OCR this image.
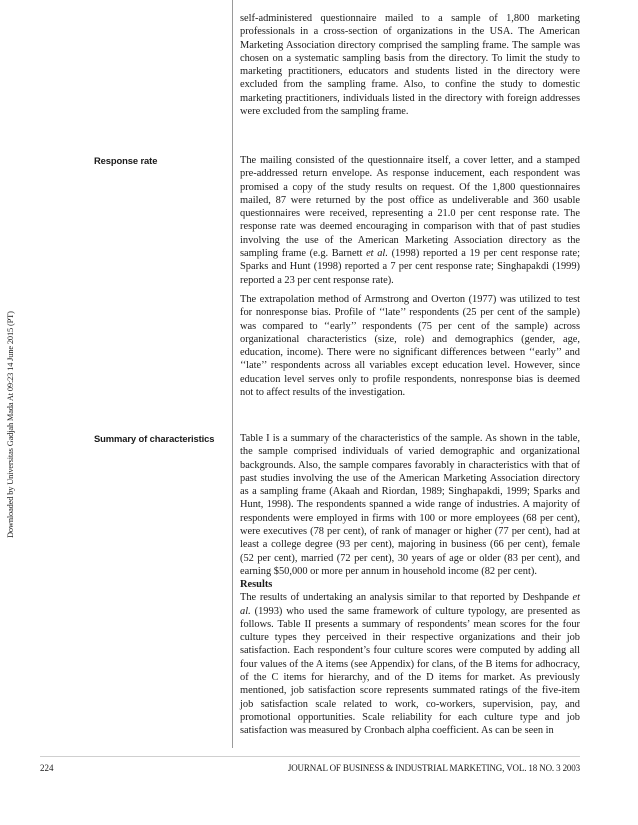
Downloaded by Universitas Gadjah Mada At 09:23 14 June 2015 (PT)

self-administered questionnaire mailed to a sample of 1,800 marketing professionals in a cross-section of organizations in the USA. The American Marketing Association directory comprised the sampling frame. The sample was chosen on a systematic sampling basis from the directory. To limit the study to marketing practitioners, educators and students listed in the directory were excluded from the sampling frame. Also, to confine the study to domestic marketing practitioners, individuals listed in the directory with foreign addresses were excluded from the sampling frame.

Response rate	The mailing consisted of the questionnaire itself, a cover letter, and a stamped pre-addressed return envelope. As response inducement, each respondent was promised a copy of the study results on request. Of the 1,800 questionnaires mailed, 87 were returned by the post office as undeliverable and 360 usable questionnaires were received, representing a 21.0 per cent response rate. The response rate was deemed encouraging in comparison with that of past studies involving the use of the American Marketing Association directory as the sampling frame (e.g. Barnett et al. (1998) reported a 19 per cent response rate; Sparks and Hunt (1998) reported a 7 per cent response rate; Singhapakdi (1999) reported a 23 per cent response rate).

The extrapolation method of Armstrong and Overton (1977) was utilized to test for nonresponse bias. Profile of ‘‘late’’ respondents (25 per cent of the sample) was compared to ‘‘early’’ respondents (75 per cent of the sample) across organizational characteristics (size, role) and demographics (gender, age, education, income). There were no significant differences between ‘‘early’’ and ‘‘late’’ respondents across all variables except education level. However, since education level serves only to profile respondents, nonresponse bias is deemed not to affect results of the investigation.

Summary of characteristics Table I is a summary of the characteristics of the sample. As shown in the table, the sample comprised individuals of varied demographic and organizational backgrounds. Also, the sample compares favorably in characteristics with that of past studies involving the use of the American Marketing Association directory as a sampling frame (Akaah and Riordan, 1989; Singhapakdi, 1999; Sparks and Hunt, 1998). The respondents spanned a wide range of industries. A majority of respondents were employed in firms with 100 or more employees (68 per cent), were executives (78 per cent), of rank of manager or higher (77 per cent), had at least a college degree (93 per cent), majoring in business (66 per cent), female (52 per cent), married (72 per cent), 30 years of age or older (83 per cent), and earning $50,000 or more per annum in household income (82 per cent).

Results

The results of undertaking an analysis similar to that reported by Deshpande et al. (1993) who used the same framework of culture typology, are presented as follows. Table II presents a summary of respondents’ mean scores for the four culture types they perceived in their respective organizations and their job satisfaction. Each respondent’s four culture scores were computed by adding all four values of the A items (see Appendix) for clans, of the B items for adhocracy, of the C items for hierarchy, and of the D items for market. As previously mentioned, job satisfaction score represents summated ratings of the five-item job satisfaction scale related to work, co-workers, supervision, pay, and promotional opportunities. Scale reliability for each culture type and job satisfaction was measured by Cronbach alpha coefficient. As can be seen in

224	JOURNAL OF BUSINESS & INDUSTRIAL MARKETING, VOL. 18 NO. 3 2003
